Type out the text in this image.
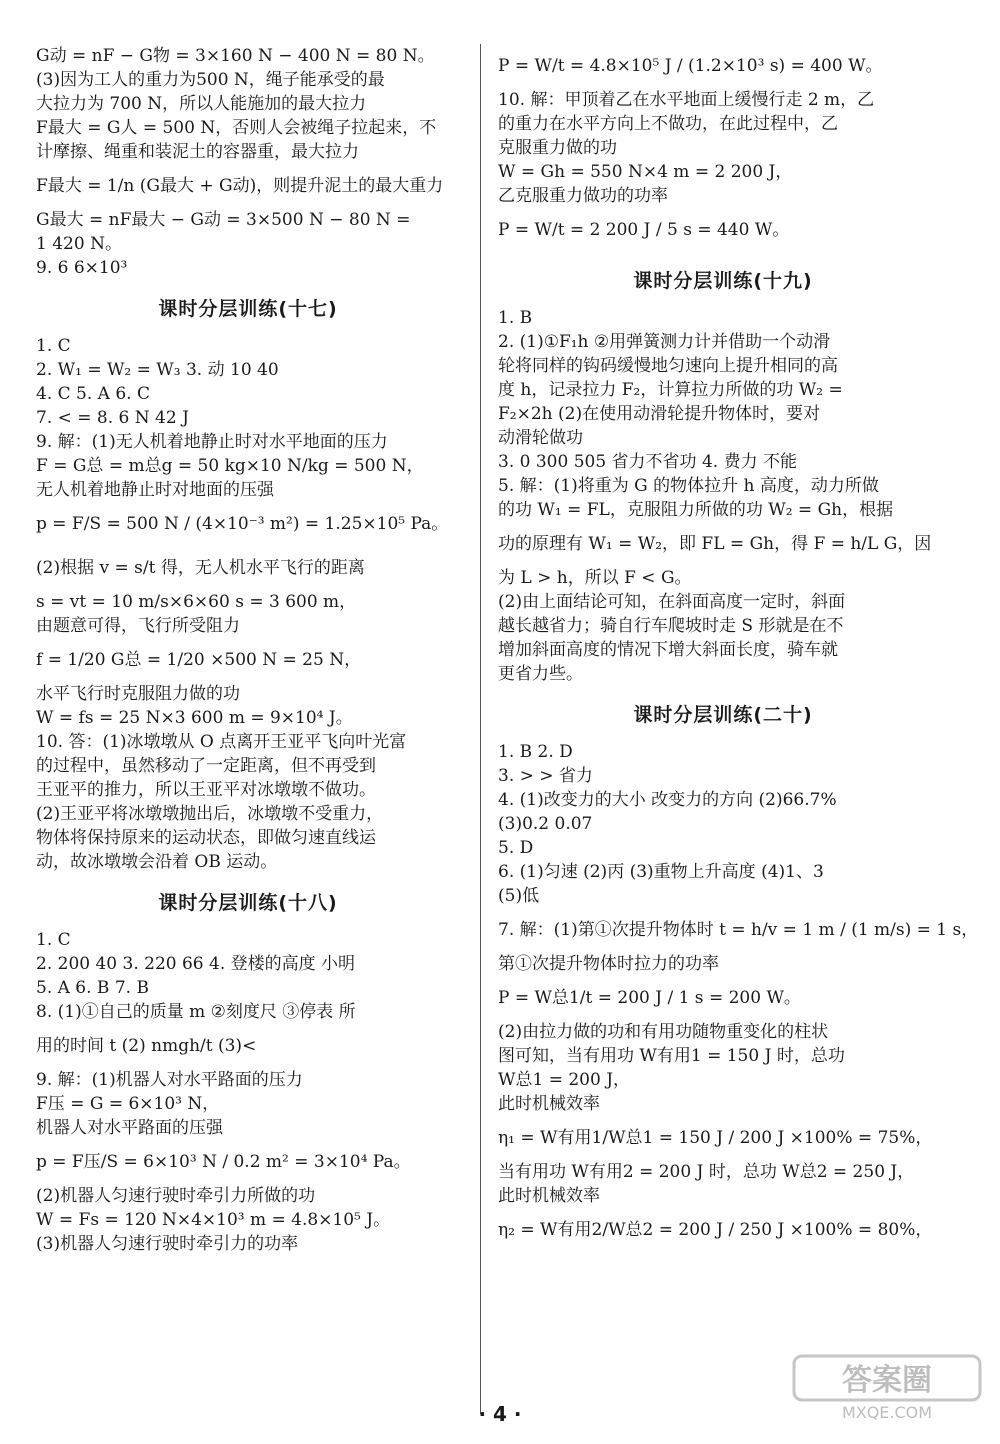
G动 = nF − G物 = 3×160 N − 400 N = 80 N。
(3)因为工人的重力为500 N，绳子能承受的最
大拉力为 700 N，所以人能施加的最大拉力
F最大 = G人 = 500 N，否则人会被绳子拉起来，不
计摩擦、绳重和装泥土的容器重，最大拉力
F最大 = 1/n (G最大 + G动)，则提升泥土的最大重力
G最大 = nF最大 − G动 = 3×500 N − 80 N =
1 420 N。
9. 6 6×10³
课时分层训练(十七)
1. C
2. W₁ = W₂ = W₃ 3. 动 10 40
4. C 5. A 6. C
7. < = 8. 6 N 42 J
9. 解：(1)无人机着地静止时对水平地面的压力
F = G总 = m总g = 50 kg×10 N/kg = 500 N，
无人机着地静止时对地面的压强
p = F/S = 500 N / (4×10⁻³ m²) = 1.25×10⁵ Pa。
(2)根据 v = s/t 得，无人机水平飞行的距离
s = vt = 10 m/s×6×60 s = 3 600 m，
由题意可得，飞行所受阻力
f = 1/20 G总 = 1/20 ×500 N = 25 N，
水平飞行时克服阻力做的功
W = fs = 25 N×3 600 m = 9×10⁴ J。
10. 答：(1)冰墩墩从 O 点离开王亚平飞向叶光富
的过程中，虽然移动了一定距离，但不再受到
王亚平的推力，所以王亚平对冰墩墩不做功。
(2)王亚平将冰墩墩抛出后，冰墩墩不受重力，
物体将保持原来的运动状态，即做匀速直线运
动，故冰墩墩会沿着 OB 运动。
课时分层训练(十八)
1. C
2. 200 40 3. 220 66 4. 登楼的高度 小明
5. A 6. B 7. B
8. (1)①自己的质量 m ②刻度尺 ③停表 所
用的时间 t (2) nmgh/t (3)<
9. 解：(1)机器人对水平路面的压力
F压 = G = 6×10³ N，
机器人对水平路面的压强
p = F压/S = 6×10³ N / 0.2 m² = 3×10⁴ Pa。
(2)机器人匀速行驶时牵引力所做的功
W = Fs = 120 N×4×10³ m = 4.8×10⁵ J。
(3)机器人匀速行驶时牵引力的功率
P = W/t = 4.8×10⁵ J / (1.2×10³ s) = 400 W。
10. 解：甲顶着乙在水平地面上缓慢行走 2 m，乙
的重力在水平方向上不做功，在此过程中，乙
克服重力做的功
W = Gh = 550 N×4 m = 2 200 J，
乙克服重力做功的功率
P = W/t = 2 200 J / 5 s = 440 W。
课时分层训练(十九)
1. B
2. (1)①F₁h ②用弹簧测力计并借助一个动滑
轮将同样的钩码缓慢地匀速向上提升相同的高
度 h，记录拉力 F₂，计算拉力所做的功 W₂ =
F₂×2h (2)在使用动滑轮提升物体时，要对
动滑轮做功
3. 0 300 505 省力不省功 4. 费力 不能
5. 解：(1)将重为 G 的物体拉升 h 高度，动力所做
的功 W₁ = FL，克服阻力所做的功 W₂ = Gh，根据
功的原理有 W₁ = W₂，即 FL = Gh，得 F = h/L G，因
为 L > h，所以 F < G。
(2)由上面结论可知，在斜面高度一定时，斜面
越长越省力；骑自行车爬坡时走 S 形就是在不
增加斜面高度的情况下增大斜面长度，骑车就
更省力些。
课时分层训练(二十)
1. B 2. D
3. > > 省力
4. (1)改变力的大小 改变力的方向 (2)66.7%
(3)0.2 0.07
5. D
6. (1)匀速 (2)丙 (3)重物上升高度 (4)1、3
(5)低
7. 解：(1)第①次提升物体时 t = h/v = 1 m / (1 m/s) = 1 s，
第①次提升物体时拉力的功率
P = W总1/t = 200 J / 1 s = 200 W。
(2)由拉力做的功和有用功随物重变化的柱状
图可知，当有用功 W有用1 = 150 J 时，总功
W总1 = 200 J，
此时机械效率
η₁ = W有用1/W总1 = 150 J / 200 J ×100% = 75%，
当有用功 W有用2 = 200 J 时，总功 W总2 = 250 J，
此时机械效率
η₂ = W有用2/W总2 = 200 J / 250 J ×100% = 80%，
· 4 ·
答案圈
MXQE.COM
